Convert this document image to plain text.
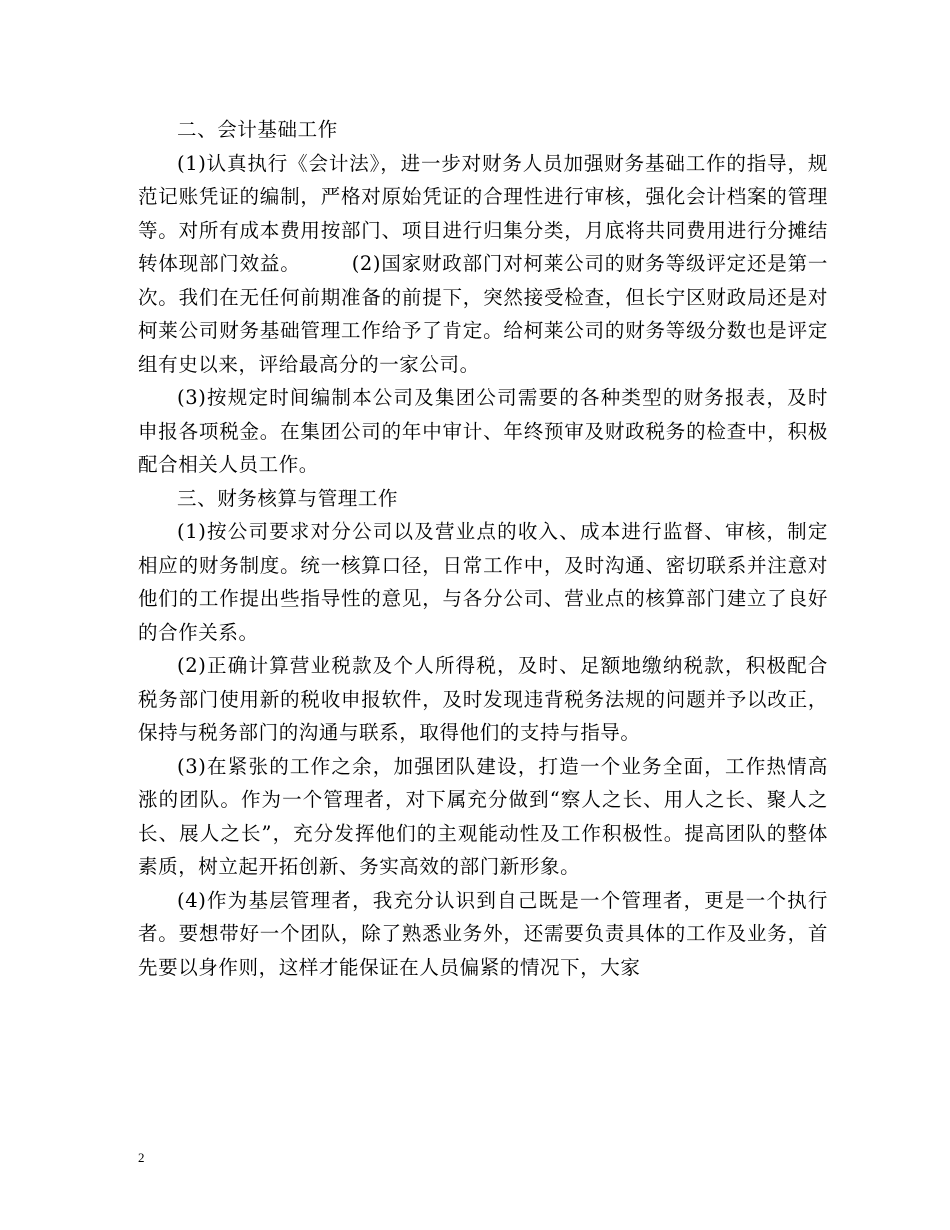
二、会计基础工作

(1)认真执行《会计法》，进一步对财务人员加强财务基础工作的指导，规范记账凭证的编制，严格对原始凭证的合理性进行审核，强化会计档案的管理等。对所有成本费用按部门、项目进行归集分类，月底将共同费用进行分摊结转体现部门效益。　　　(2)国家财政部门对柯莱公司的财务等级评定还是第一次。我们在无任何前期准备的前提下，突然接受检查，但长宁区财政局还是对柯莱公司财务基础管理工作给予了肯定。给柯莱公司的财务等级分数也是评定组有史以来，评给最高分的一家公司。

(3)按规定时间编制本公司及集团公司需要的各种类型的财务报表，及时申报各项税金。在集团公司的年中审计、年终预审及财政税务的检查中，积极配合相关人员工作。

三、财务核算与管理工作

(1)按公司要求对分公司以及营业点的收入、成本进行监督、审核，制定相应的财务制度。统一核算口径，日常工作中，及时沟通、密切联系并注意对他们的工作提出些指导性的意见，与各分公司、营业点的核算部门建立了良好的合作关系。

(2)正确计算营业税款及个人所得税，及时、足额地缴纳税款，积极配合税务部门使用新的税收申报软件，及时发现违背税务法规的问题并予以改正，保持与税务部门的沟通与联系，取得他们的支持与指导。

(3)在紧张的工作之余，加强团队建设，打造一个业务全面，工作热情高涨的团队。作为一个管理者，对下属充分做到“察人之长、用人之长、聚人之长、展人之长”，充分发挥他们的主观能动性及工作积极性。提高团队的整体素质，树立起开拓创新、务实高效的部门新形象。

(4)作为基层管理者，我充分认识到自己既是一个管理者，更是一个执行者。要想带好一个团队，除了熟悉业务外，还需要负责具体的工作及业务，首先要以身作则，这样才能保证在人员偏紧的情况下，大家

2
